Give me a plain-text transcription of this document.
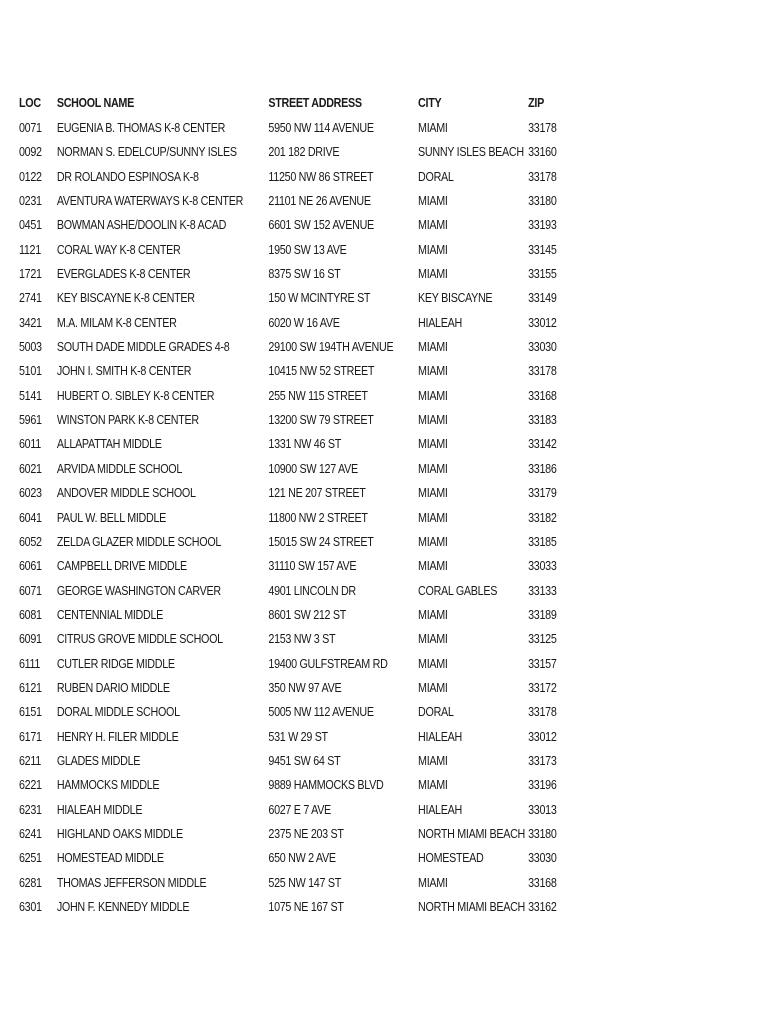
LOC	SCHOOL NAME	STREET ADDRESS	CITY	ZIP
0071	EUGENIA B. THOMAS K-8 CENTER	5950 NW 114 AVENUE	MIAMI	33178
0092	NORMAN S. EDELCUP/SUNNY ISLES	201 182 DRIVE	SUNNY ISLES BEACH	33160
0122	DR ROLANDO ESPINOSA K-8	11250 NW 86 STREET	DORAL	33178
0231	AVENTURA WATERWAYS K-8 CENTER	21101 NE 26 AVENUE	MIAMI	33180
0451	BOWMAN ASHE/DOOLIN K-8 ACAD	6601 SW 152 AVENUE	MIAMI	33193
1121	CORAL WAY K-8 CENTER	1950 SW 13 AVE	MIAMI	33145
1721	EVERGLADES K-8 CENTER	8375 SW 16 ST	MIAMI	33155
2741	KEY BISCAYNE K-8 CENTER	150 W MCINTYRE ST	KEY BISCAYNE	33149
3421	M.A. MILAM K-8 CENTER	6020 W 16 AVE	HIALEAH	33012
5003	SOUTH DADE MIDDLE GRADES 4-8	29100 SW 194TH AVENUE	MIAMI	33030
5101	JOHN I. SMITH K-8 CENTER	10415 NW 52 STREET	MIAMI	33178
5141	HUBERT O. SIBLEY K-8 CENTER	255 NW 115 STREET	MIAMI	33168
5961	WINSTON PARK K-8 CENTER	13200 SW 79 STREET	MIAMI	33183
6011	ALLAPATTAH MIDDLE	1331 NW 46 ST	MIAMI	33142
6021	ARVIDA MIDDLE SCHOOL	10900 SW 127 AVE	MIAMI	33186
6023	ANDOVER MIDDLE SCHOOL	121 NE 207 STREET	MIAMI	33179
6041	PAUL W. BELL MIDDLE	11800 NW 2 STREET	MIAMI	33182
6052	ZELDA GLAZER MIDDLE SCHOOL	15015 SW 24 STREET	MIAMI	33185
6061	CAMPBELL DRIVE MIDDLE	31110 SW 157 AVE	MIAMI	33033
6071	GEORGE WASHINGTON CARVER	4901 LINCOLN DR	CORAL GABLES	33133
6081	CENTENNIAL MIDDLE	8601 SW 212 ST	MIAMI	33189
6091	CITRUS GROVE MIDDLE SCHOOL	2153 NW 3 ST	MIAMI	33125
6111	CUTLER RIDGE MIDDLE	19400 GULFSTREAM RD	MIAMI	33157
6121	RUBEN DARIO MIDDLE	350 NW 97 AVE	MIAMI	33172
6151	DORAL MIDDLE SCHOOL	5005 NW 112 AVENUE	DORAL	33178
6171	HENRY H. FILER MIDDLE	531 W 29 ST	HIALEAH	33012
6211	GLADES MIDDLE	9451 SW 64 ST	MIAMI	33173
6221	HAMMOCKS MIDDLE	9889 HAMMOCKS BLVD	MIAMI	33196
6231	HIALEAH MIDDLE	6027 E 7 AVE	HIALEAH	33013
6241	HIGHLAND OAKS MIDDLE	2375 NE 203 ST	NORTH MIAMI BEACH	33180
6251	HOMESTEAD MIDDLE	650 NW 2 AVE	HOMESTEAD	33030
6281	THOMAS JEFFERSON MIDDLE	525 NW 147 ST	MIAMI	33168
6301	JOHN F. KENNEDY MIDDLE	1075 NE 167 ST	NORTH MIAMI BEACH	33162
